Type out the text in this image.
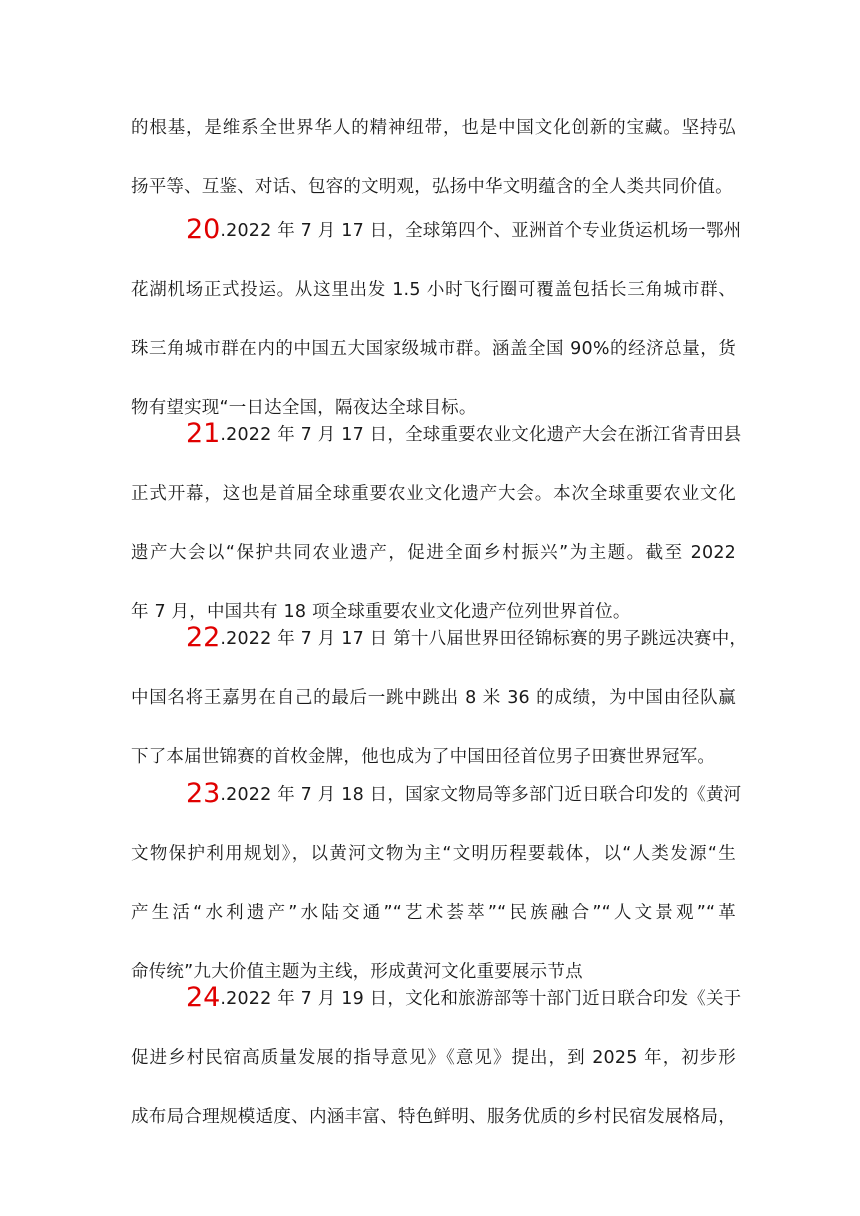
的根基，是维系全世界华人的精神纽带，也是中国文化创新的宝藏。坚持弘
扬平等、互鉴、对话、包容的文明观，弘扬中华文明蕴含的全人类共同价值。
20.2022 年 7 月 17 日，全球第四个、亚洲首个专业货运机场一鄂州
花湖机场正式投运。从这里出发 1.5 小时飞行圈可覆盖包括长三角城市群、
珠三角城市群在内的中国五大国家级城市群。涵盖全国 90%的经济总量，货
物有望实现“一日达全国，隔夜达全球目标。
21.2022 年 7 月 17 日，全球重要农业文化遗产大会在浙江省青田县
正式开幕，这也是首届全球重要农业文化遗产大会。本次全球重要农业文化
遗产大会以“保护共同农业遗产，促进全面乡村振兴”为主题。截至 2022
年 7 月，中国共有 18 项全球重要农业文化遗产位列世界首位。
22.2022 年 7 月 17 日 第十八届世界田径锦标赛的男子跳远决赛中，
中国名将王嘉男在自己的最后一跳中跳出 8 米 36 的成绩，为中国由径队赢
下了本届世锦赛的首枚金牌，他也成为了中国田径首位男子田赛世界冠军。
23.2022 年 7 月 18 日，国家文物局等多部门近日联合印发的《黄河
文物保护利用规划》，以黄河文物为主“文明历程要载体，以“人类发源“生
产生活“水利遗产”水陆交通”“艺术荟萃”“民族融合”“人文景观”“革
命传统”九大价值主题为主线，形成黄河文化重要展示节点
24.2022 年 7 月 19 日，文化和旅游部等十部门近日联合印发《关于
促进乡村民宿高质量发展的指导意见》《意见》提出，到 2025 年，初步形
成布局合理规模适度、内涵丰富、特色鲜明、服务优质的乡村民宿发展格局，
